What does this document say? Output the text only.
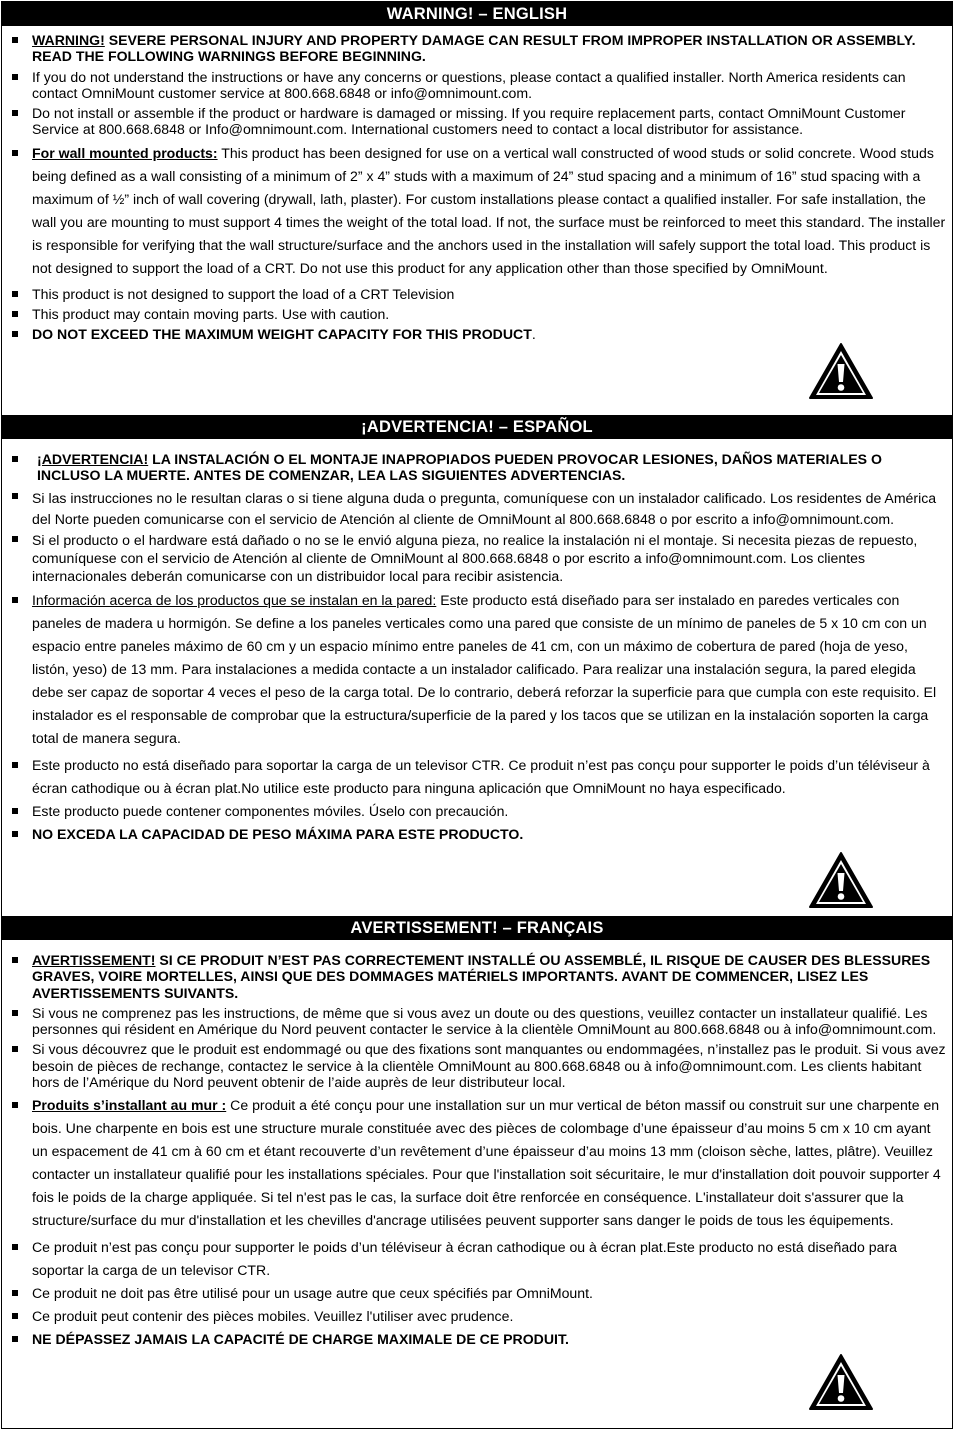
WARNING! – ENGLISH
WARNING! SEVERE PERSONAL INJURY AND PROPERTY DAMAGE CAN RESULT FROM IMPROPER INSTALLATION OR ASSEMBLY. READ THE FOLLOWING WARNINGS BEFORE BEGINNING.
If you do not understand the instructions or have any concerns or questions, please contact a qualified installer. North America residents can contact OmniMount customer service at 800.668.6848 or info@omnimount.com.
Do not install or assemble if the product or hardware is damaged or missing. If you require replacement parts, contact OmniMount Customer Service at 800.668.6848 or Info@omnimount.com. International customers need to contact a local distributor for assistance.
For wall mounted products: This product has been designed for use on a vertical wall constructed of wood studs or solid concrete. Wood studs being defined as a wall consisting of a minimum of 2” x 4” studs with a maximum of 24” stud spacing and a minimum of 16” stud spacing with a maximum of ½” inch of wall covering (drywall, lath, plaster). For custom installations please contact a qualified installer. For safe installation, the wall you are mounting to must support 4 times the weight of the total load. If not, the surface must be reinforced to meet this standard. The installer is responsible for verifying that the wall structure/surface and the anchors used in the installation will safely support the total load. This product is not designed to support the load of a CRT. Do not use this product for any application other than those specified by OmniMount.
This product is not designed to support the load of a CRT Television
This product may contain moving parts. Use with caution.
DO NOT EXCEED THE MAXIMUM WEIGHT CAPACITY FOR THIS PRODUCT.
¡ADVERTENCIA! – ESPAÑOL
¡ADVERTENCIA! LA INSTALACIÓN O EL MONTAJE INAPROPIADOS PUEDEN PROVOCAR LESIONES, DAÑOS MATERIALES O INCLUSO LA MUERTE. ANTES DE COMENZAR, LEA LAS SIGUIENTES ADVERTENCIAS.
Si las instrucciones no le resultan claras o si tiene alguna duda o pregunta, comuníquese con un instalador calificado. Los residentes de América del Norte pueden comunicarse con el servicio de Atención al cliente de OmniMount al 800.668.6848 o por escrito a info@omnimount.com.
Si el producto o el hardware está dañado o no se le envió alguna pieza, no realice la instalación ni el montaje. Si necesita piezas de repuesto, comuníquese con el servicio de Atención al cliente de OmniMount al 800.668.6848 o por escrito a info@omnimount.com. Los clientes internacionales deberán comunicarse con un distribuidor local para recibir asistencia.
Información acerca de los productos que se instalan en la pared: Este producto está diseñado para ser instalado en paredes verticales con paneles de madera u hormigón. Se define a los paneles verticales como una pared que consiste de un mínimo de paneles de 5 x 10 cm con un espacio entre paneles máximo de 60 cm y un espacio mínimo entre paneles de 41 cm, con un máximo de cobertura de pared (hoja de yeso, listón, yeso) de 13 mm. Para instalaciones a medida contacte a un instalador calificado. Para realizar una instalación segura, la pared elegida debe ser capaz de soportar 4 veces el peso de la carga total. De lo contrario, deberá reforzar la superficie para que cumpla con este requisito. El instalador es el responsable de comprobar que la estructura/superficie de la pared y los tacos que se utilizan en la instalación soporten la carga total de manera segura.
Este producto no está diseñado para soportar la carga de un televisor CTR. Ce produit n’est pas conçu pour supporter le poids d’un téléviseur à écran cathodique ou à écran plat.No utilice este producto para ninguna aplicación que OmniMount no haya especificado.
Este producto puede contener componentes móviles. Úselo con precaución.
NO EXCEDA LA CAPACIDAD DE PESO MÁXIMA PARA ESTE PRODUCTO.
AVERTISSEMENT! – FRANÇAIS
AVERTISSEMENT! SI CE PRODUIT N’EST PAS CORRECTEMENT INSTALLÉ OU ASSEMBLÉ, IL RISQUE DE CAUSER DES BLESSURES GRAVES, VOIRE MORTELLES, AINSI QUE DES DOMMAGES MATÉRIELS IMPORTANTS. AVANT DE COMMENCER, LISEZ LES AVERTISSEMENTS SUIVANTS.
Si vous ne comprenez pas les instructions, de même que si vous avez un doute ou des questions, veuillez contacter un installateur qualifié. Les personnes qui résident en Amérique du Nord peuvent contacter le service à la clientèle OmniMount au 800.668.6848 ou à info@omnimount.com.
Si vous découvrez que le produit est endommagé ou que des fixations sont manquantes ou endommagées, n’installez pas le produit. Si vous avez besoin de pièces de rechange, contactez le service à la clientèle OmniMount au 800.668.6848 ou à info@omnimount.com. Les clients habitant hors de l’Amérique du Nord peuvent obtenir de l’aide auprès de leur distributeur local.
Produits s’installant au mur : Ce produit a été conçu pour une installation sur un mur vertical de béton massif ou construit sur une charpente en bois. Une charpente en bois est une structure murale constituée avec des pièces de colombage d’une épaisseur d’au moins 5 cm x 10 cm ayant un espacement de 41 cm à 60 cm et étant recouverte d’un revêtement d’une épaisseur d’au moins 13 mm (cloison sèche, lattes, plâtre). Veuillez contacter un installateur qualifié pour les installations spéciales. Pour que l'installation soit sécuritaire, le mur d'installation doit pouvoir supporter 4 fois le poids de la charge appliquée. Si tel n'est pas le cas, la surface doit être renforcée en conséquence. L'installateur doit s'assurer que la structure/surface du mur d'installation et les chevilles d'ancrage utilisées peuvent supporter sans danger le poids de tous les équipements.
Ce produit n’est pas conçu pour supporter le poids d’un téléviseur à écran cathodique ou à écran plat.Este producto no está diseñado para soportar la carga de un televisor CTR.
Ce produit ne doit pas être utilisé pour un usage autre que ceux spécifiés par OmniMount.
Ce produit peut contenir des pièces mobiles. Veuillez l'utiliser avec prudence.
NE DÉPASSEZ JAMAIS LA CAPACITÉ DE CHARGE MAXIMALE DE CE PRODUIT.
